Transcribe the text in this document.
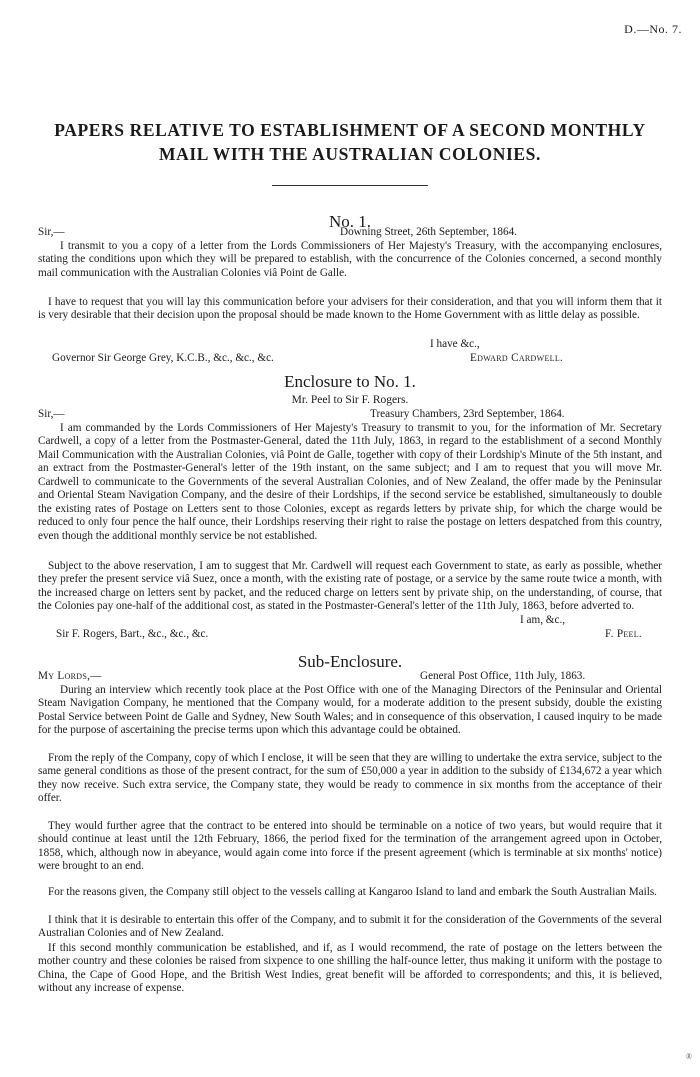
D.—No. 7.
PAPERS RELATIVE TO ESTABLISHMENT OF A SECOND MONTHLY MAIL WITH THE AUSTRALIAN COLONIES.
No. 1.
Sir,—	Downing Street, 26th September, 1864.

I transmit to you a copy of a letter from the Lords Commissioners of Her Majesty's Treasury, with the accompanying enclosures, stating the conditions upon which they will be prepared to establish, with the concurrence of the Colonies concerned, a second monthly mail communication with the Australian Colonies viâ Point de Galle.

I have to request that you will lay this communication before your advisers for their consideration, and that you will inform them that it is very desirable that their decision upon the proposal should be made known to the Home Government with as little delay as possible.

I have &c.,
Governor Sir George Grey, K.C.B., &c., &c., &c.	Edward Cardwell.
Enclosure to No. 1.
Mr. Peel to Sir F. Rogers.
Sir,—	Treasury Chambers, 23rd September, 1864.

I am commanded by the Lords Commissioners of Her Majesty's Treasury to transmit to you, for the information of Mr. Secretary Cardwell, a copy of a letter from the Postmaster-General, dated the 11th July, 1863, in regard to the establishment of a second Monthly Mail Communication with the Australian Colonies, viâ Point de Galle, together with copy of their Lordship's Minute of the 5th instant, and an extract from the Postmaster-General's letter of the 19th instant, on the same subject; and I am to request that you will move Mr. Cardwell to communicate to the Governments of the several Australian Colonies, and of New Zealand, the offer made by the Peninsular and Oriental Steam Navigation Company, and the desire of their Lordships, if the second service be established, simultaneously to double the existing rates of Postage on Letters sent to those Colonies, except as regards letters by private ship, for which the charge would be reduced to only four pence the half ounce, their Lordships reserving their right to raise the postage on letters despatched from this country, even though the additional monthly service be not established.

Subject to the above reservation, I am to suggest that Mr. Cardwell will request each Government to state, as early as possible, whether they prefer the present service viâ Suez, once a month, with the existing rate of postage, or a service by the same route twice a month, with the increased charge on letters sent by packet, and the reduced charge on letters sent by private ship, on the understanding, of course, that the Colonies pay one-half of the additional cost, as stated in the Postmaster-General's letter of the 11th July, 1863, before adverted to.

I am, &c.,
Sir F. Rogers, Bart., &c., &c., &c.	F. Peel.
Sub-Enclosure.
My Lords,—	General Post Office, 11th July, 1863.

During an interview which recently took place at the Post Office with one of the Managing Directors of the Peninsular and Oriental Steam Navigation Company, he mentioned that the Company would, for a moderate addition to the present subsidy, double the existing Postal Service between Point de Galle and Sydney, New South Wales; and in consequence of this observation, I caused inquiry to be made for the purpose of ascertaining the precise terms upon which this advantage could be obtained.

From the reply of the Company, copy of which I enclose, it will be seen that they are willing to undertake the extra service, subject to the same general conditions as those of the present contract, for the sum of £50,000 a year in addition to the subsidy of £134,672 a year which they now receive. Such extra service, the Company state, they would be ready to commence in six months from the acceptance of their offer.

They would further agree that the contract to be entered into should be terminable on a notice of two years, but would require that it should continue at least until the 12th February, 1866, the period fixed for the termination of the arrangement agreed upon in October, 1858, which, although now in abeyance, would again come into force if the present agreement (which is terminable at six months' notice) were brought to an end.

For the reasons given, the Company still object to the vessels calling at Kangaroo Island to land and embark the South Australian Mails.

I think that it is desirable to entertain this offer of the Company, and to submit it for the consideration of the Governments of the several Australian Colonies and of New Zealand.

If this second monthly communication be established, and if, as I would recommend, the rate of postage on the letters between the mother country and these colonies be raised from sixpence to one shilling the half-ounce letter, thus making it uniform with the postage to China, the Cape of Good Hope, and the British West Indies, great benefit will be afforded to correspondents; and this, it is believed, without any increase of expense.

®
